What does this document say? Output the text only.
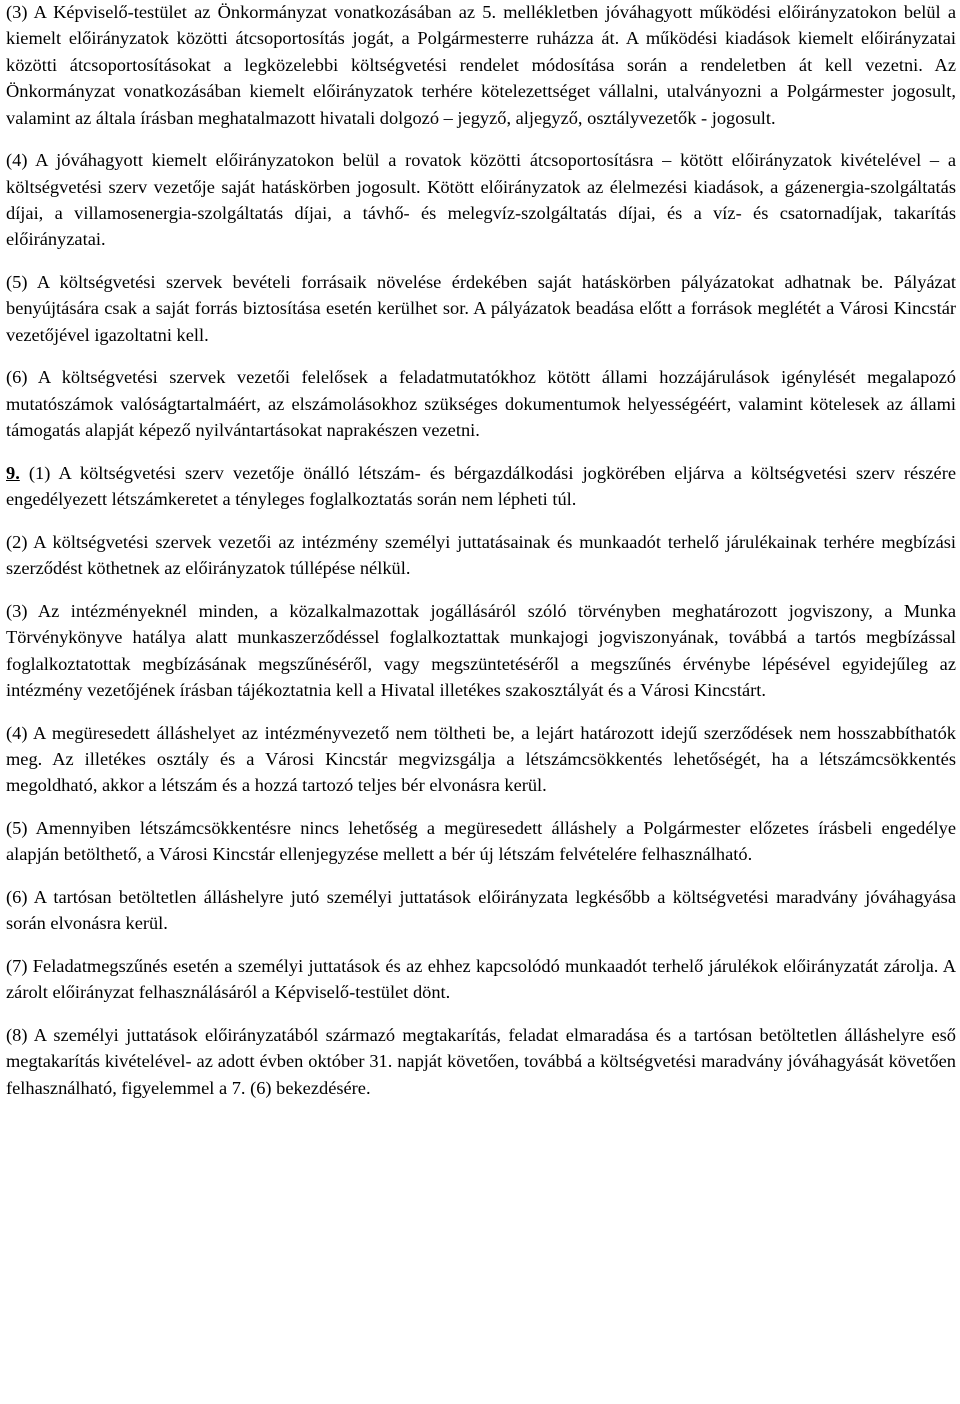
(3) A Képviselő-testület az Önkormányzat vonatkozásában az 5. mellékletben jóváhagyott működési előirányzatokon belül a kiemelt előirányzatok közötti átcsoportosítás jogát, a Polgármesterre ruházza át. A működési kiadások kiemelt előirányzatai közötti átcsoportosításokat a legközelebbi költségvetési rendelet módosítása során a rendeletben át kell vezetni. Az Önkormányzat vonatkozásában kiemelt előirányzatok terhére kötelezettséget vállalni, utalványozni a Polgármester jogosult, valamint az általa írásban meghatalmazott hivatali dolgozó – jegyző, aljegyző, osztályvezetők - jogosult.

(4) A jóváhagyott kiemelt előirányzatokon belül a rovatok közötti átcsoportosításra – kötött előirányzatok kivételével – a költségvetési szerv vezetője saját hatáskörben jogosult. Kötött előirányzatok az élelmezési kiadások, a gázenergia-szolgáltatás díjai, a villamosenergia-szolgáltatás díjai, a távhő- és melegvíz-szolgáltatás díjai, és a víz- és csatornadíjak, takarítás előirányzatai.

(5) A költségvetési szervek bevételi forrásaik növelése érdekében saját hatáskörben pályázatokat adhatnak be. Pályázat benyújtására csak a saját forrás biztosítása esetén kerülhet sor. A pályázatok beadása előtt a források meglétét a Városi Kincstár vezetőjével igazoltatni kell.

(6) A költségvetési szervek vezetői felelősek a feladatmutatókhoz kötött állami hozzájárulások igénylését megalapozó mutatószámok valóságtartalmáért, az elszámolásokhoz szükséges dokumentumok helyességéért, valamint kötelesek az állami támogatás alapját képező nyilvántartásokat naprakészen vezetni.

9. (1) A költségvetési szerv vezetője önálló létszám- és bérgazdálkodási jogkörében eljárva a költségvetési szerv részére engedélyezett létszámkeretet a tényleges foglalkoztatás során nem lépheti túl.

(2) A költségvetési szervek vezetői az intézmény személyi juttatásainak és munkaadót terhelő járulékainak terhére megbízási szerződést köthetnek az előirányzatok túllépése nélkül.

(3) Az intézményeknél minden, a közalkalmazottak jogállásáról szóló törvényben meghatározott jogviszony, a Munka Törvénykönyve hatálya alatt munkaszerződéssel foglalkoztattak munkajogi jogviszonyának, továbbá a tartós megbízással foglalkoztatottak megbízásának megszűnéséről, vagy megszüntetéséről a megszűnés érvénybe lépésével egyidejűleg az intézmény vezetőjének írásban tájékoztatnia kell a Hivatal illetékes szakosztályát és a Városi Kincstárt.

(4) A megüresedett álláshelyet az intézményvezető nem töltheti be, a lejárt határozott idejű szerződések nem hosszabbíthatók meg. Az illetékes osztály és a Városi Kincstár megvizsgálja a létszámcsökkentés lehetőségét, ha a létszámcsökkentés megoldható, akkor a létszám és a hozzá tartozó teljes bér elvonásra kerül.

(5) Amennyiben létszámcsökkentésre nincs lehetőség a megüresedett álláshely a Polgármester előzetes írásbeli engedélye alapján betölthető, a Városi Kincstár ellenjegyzése mellett a bér új létszám felvételére felhasználható.

(6) A tartósan betöltetlen álláshelyre jutó személyi juttatások előirányzata legkésőbb a költségvetési maradvány jóváhagyása során elvonásra kerül.

(7) Feladatmegszűnés esetén a személyi juttatások és az ehhez kapcsolódó munkaadót terhelő járulékok előirányzatát zárolja. A zárolt előirányzat felhasználásáról a Képviselő-testület dönt.

(8) A személyi juttatások előirányzatából származó megtakarítás, feladat elmaradása és a tartósan betöltetlen álláshelyre eső megtakarítás kivételével- az adott évben október 31. napját követően, továbbá a költségvetési maradvány jóváhagyását követően felhasználható, figyelemmel a 7. (6) bekezdésére.
